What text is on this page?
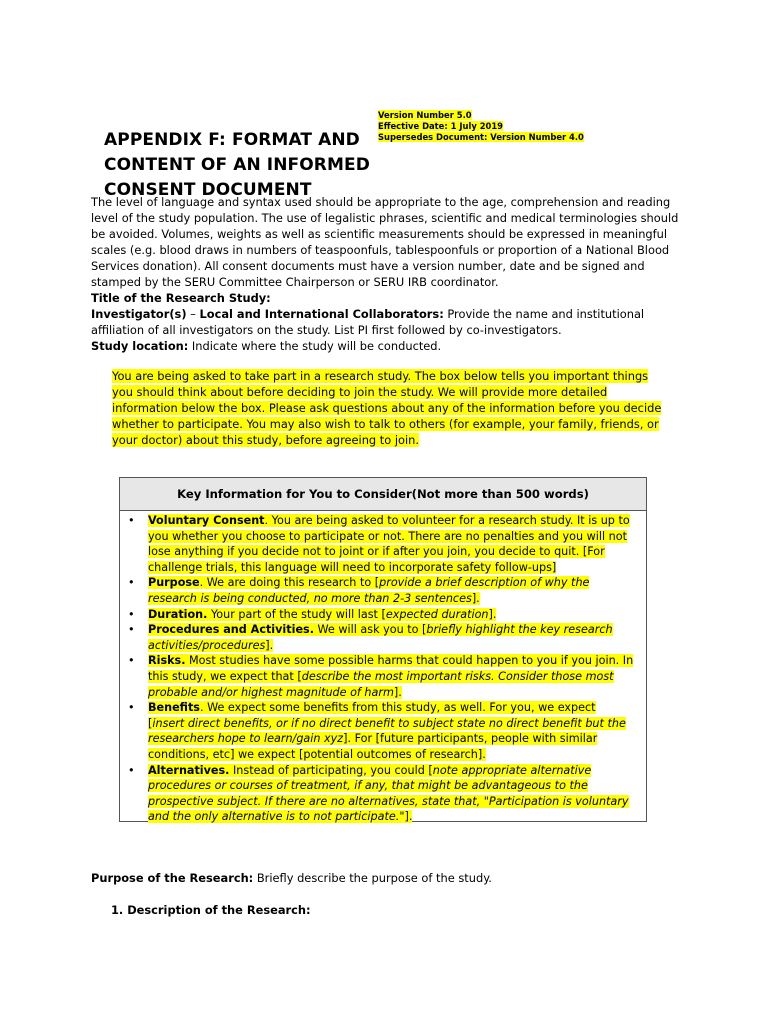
Version Number 5.0
Effective Date: 1 July 2019
Supersedes Document: Version Number 4.0
APPENDIX F: FORMAT AND
CONTENT OF AN INFORMED
CONSENT DOCUMENT

The level of language and syntax used should be appropriate to the age, comprehension and reading level of the study population. The use of legalistic phrases, scientific and medical terminologies should be avoided. Volumes, weights as well as scientific measurements should be expressed in meaningful scales (e.g. blood draws in numbers of teaspoonfuls, tablespoonfuls or proportion of a National Blood Services donation). All consent documents must have a version number, date and be signed and stamped by the SERU Committee Chairperson or SERU IRB coordinator.

Title of the Research Study:

Investigator(s) – Local and International Collaborators: Provide the name and institutional affiliation of all investigators on the study. List PI first followed by co-investigators.

Study location: Indicate where the study will be conducted.

You are being asked to take part in a research study. The box below tells you important things you should think about before deciding to join the study. We will provide more detailed information below the box. Please ask questions about any of the information before you decide whether to participate. You may also wish to talk to others (for example, your family, friends, or your doctor) about this study, before agreeing to join.
Key Information for You to Consider(Not more than 500 words)
• Voluntary Consent. You are being asked to volunteer for a research study. It is up to you whether you choose to participate or not. There are no penalties and you will not lose anything if you decide not to joint or if after you join, you decide to quit. [For challenge trials, this language will need to incorporate safety follow-ups]
• Purpose. We are doing this research to [provide a brief description of why the research is being conducted, no more than 2-3 sentences].
• Duration. Your part of the study will last [expected duration].
• Procedures and Activities. We will ask you to [briefly highlight the key research activities/procedures].
• Risks. Most studies have some possible harms that could happen to you if you join. In this study, we expect that [describe the most important risks. Consider those most probable and/or highest magnitude of harm].
• Benefits. We expect some benefits from this study, as well. For you, we expect [insert direct benefits, or if no direct benefit to subject state no direct benefit but the researchers hope to learn/gain xyz]. For [future participants, people with similar conditions, etc] we expect [potential outcomes of research].
• Alternatives. Instead of participating, you could [note appropriate alternative procedures or courses of treatment, if any, that might be advantageous to the prospective subject. If there are no alternatives, state that, "Participation is voluntary and the only alternative is to not participate."].
Purpose of the Research: Briefly describe the purpose of the study.
1. Description of the Research:
